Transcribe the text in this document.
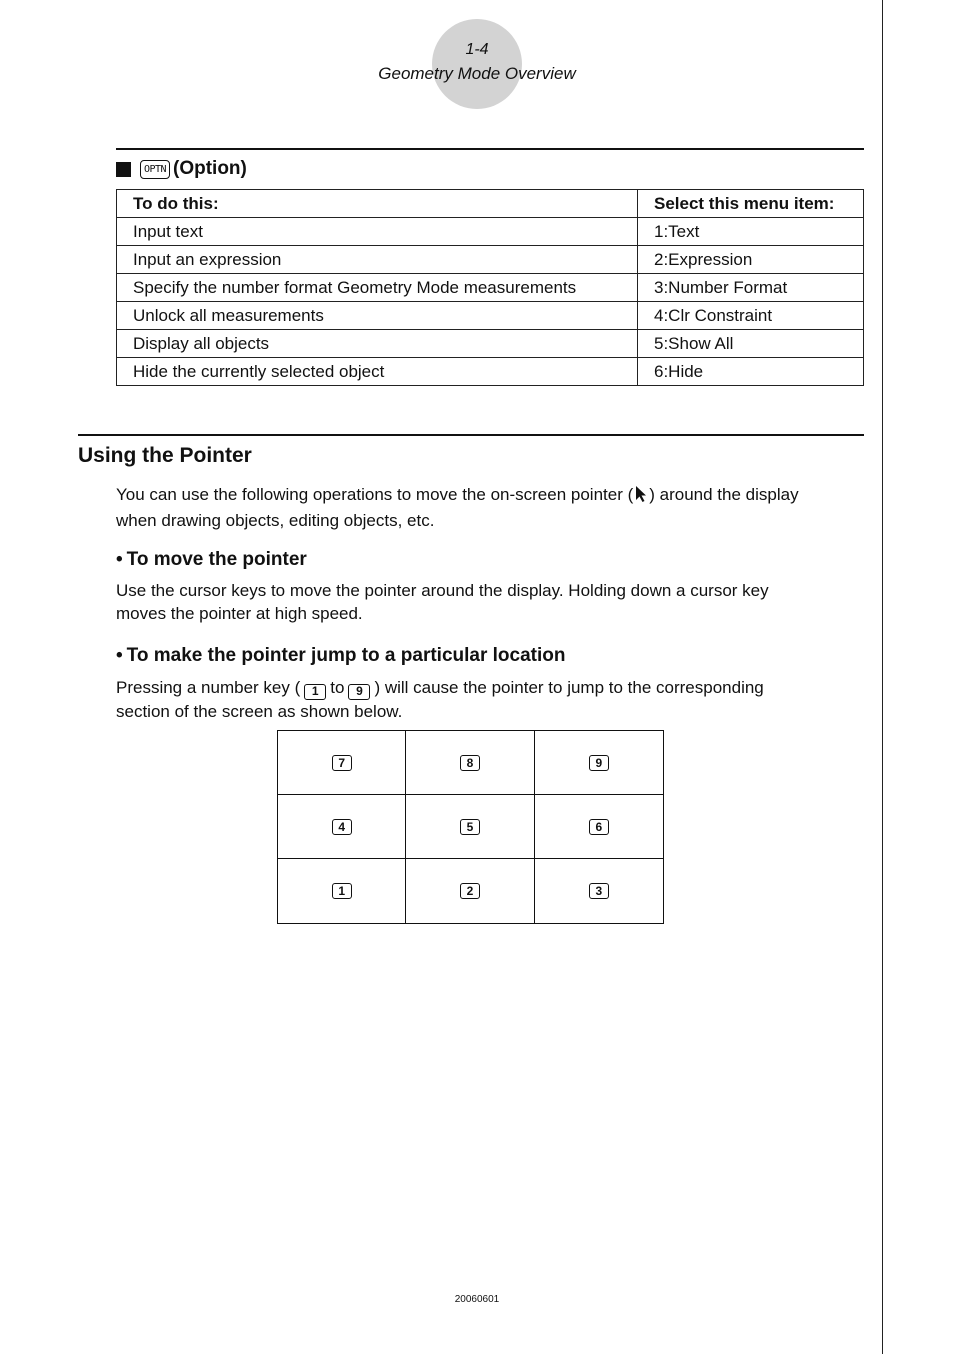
1-4
Geometry Mode Overview
OPTN (Option)
To do this:	Select this menu item:
Input text	1:Text
Input an expression	2:Expression
Specify the number format Geometry Mode measurements	3:Number Format
Unlock all measurements	4:Clr Constraint
Display all objects	5:Show All
Hide the currently selected object	6:Hide
Using the Pointer
You can use the following operations to move the on-screen pointer ( ) around the display
when drawing objects, editing objects, etc.
• To move the pointer
Use the cursor keys to move the pointer around the display. Holding down a cursor key
moves the pointer at high speed.
• To make the pointer jump to a particular location
Pressing a number key ( 1 to 9 ) will cause the pointer to jump to the corresponding
section of the screen as shown below.
7	8	9
4	5	6
1	2	3
20060601
